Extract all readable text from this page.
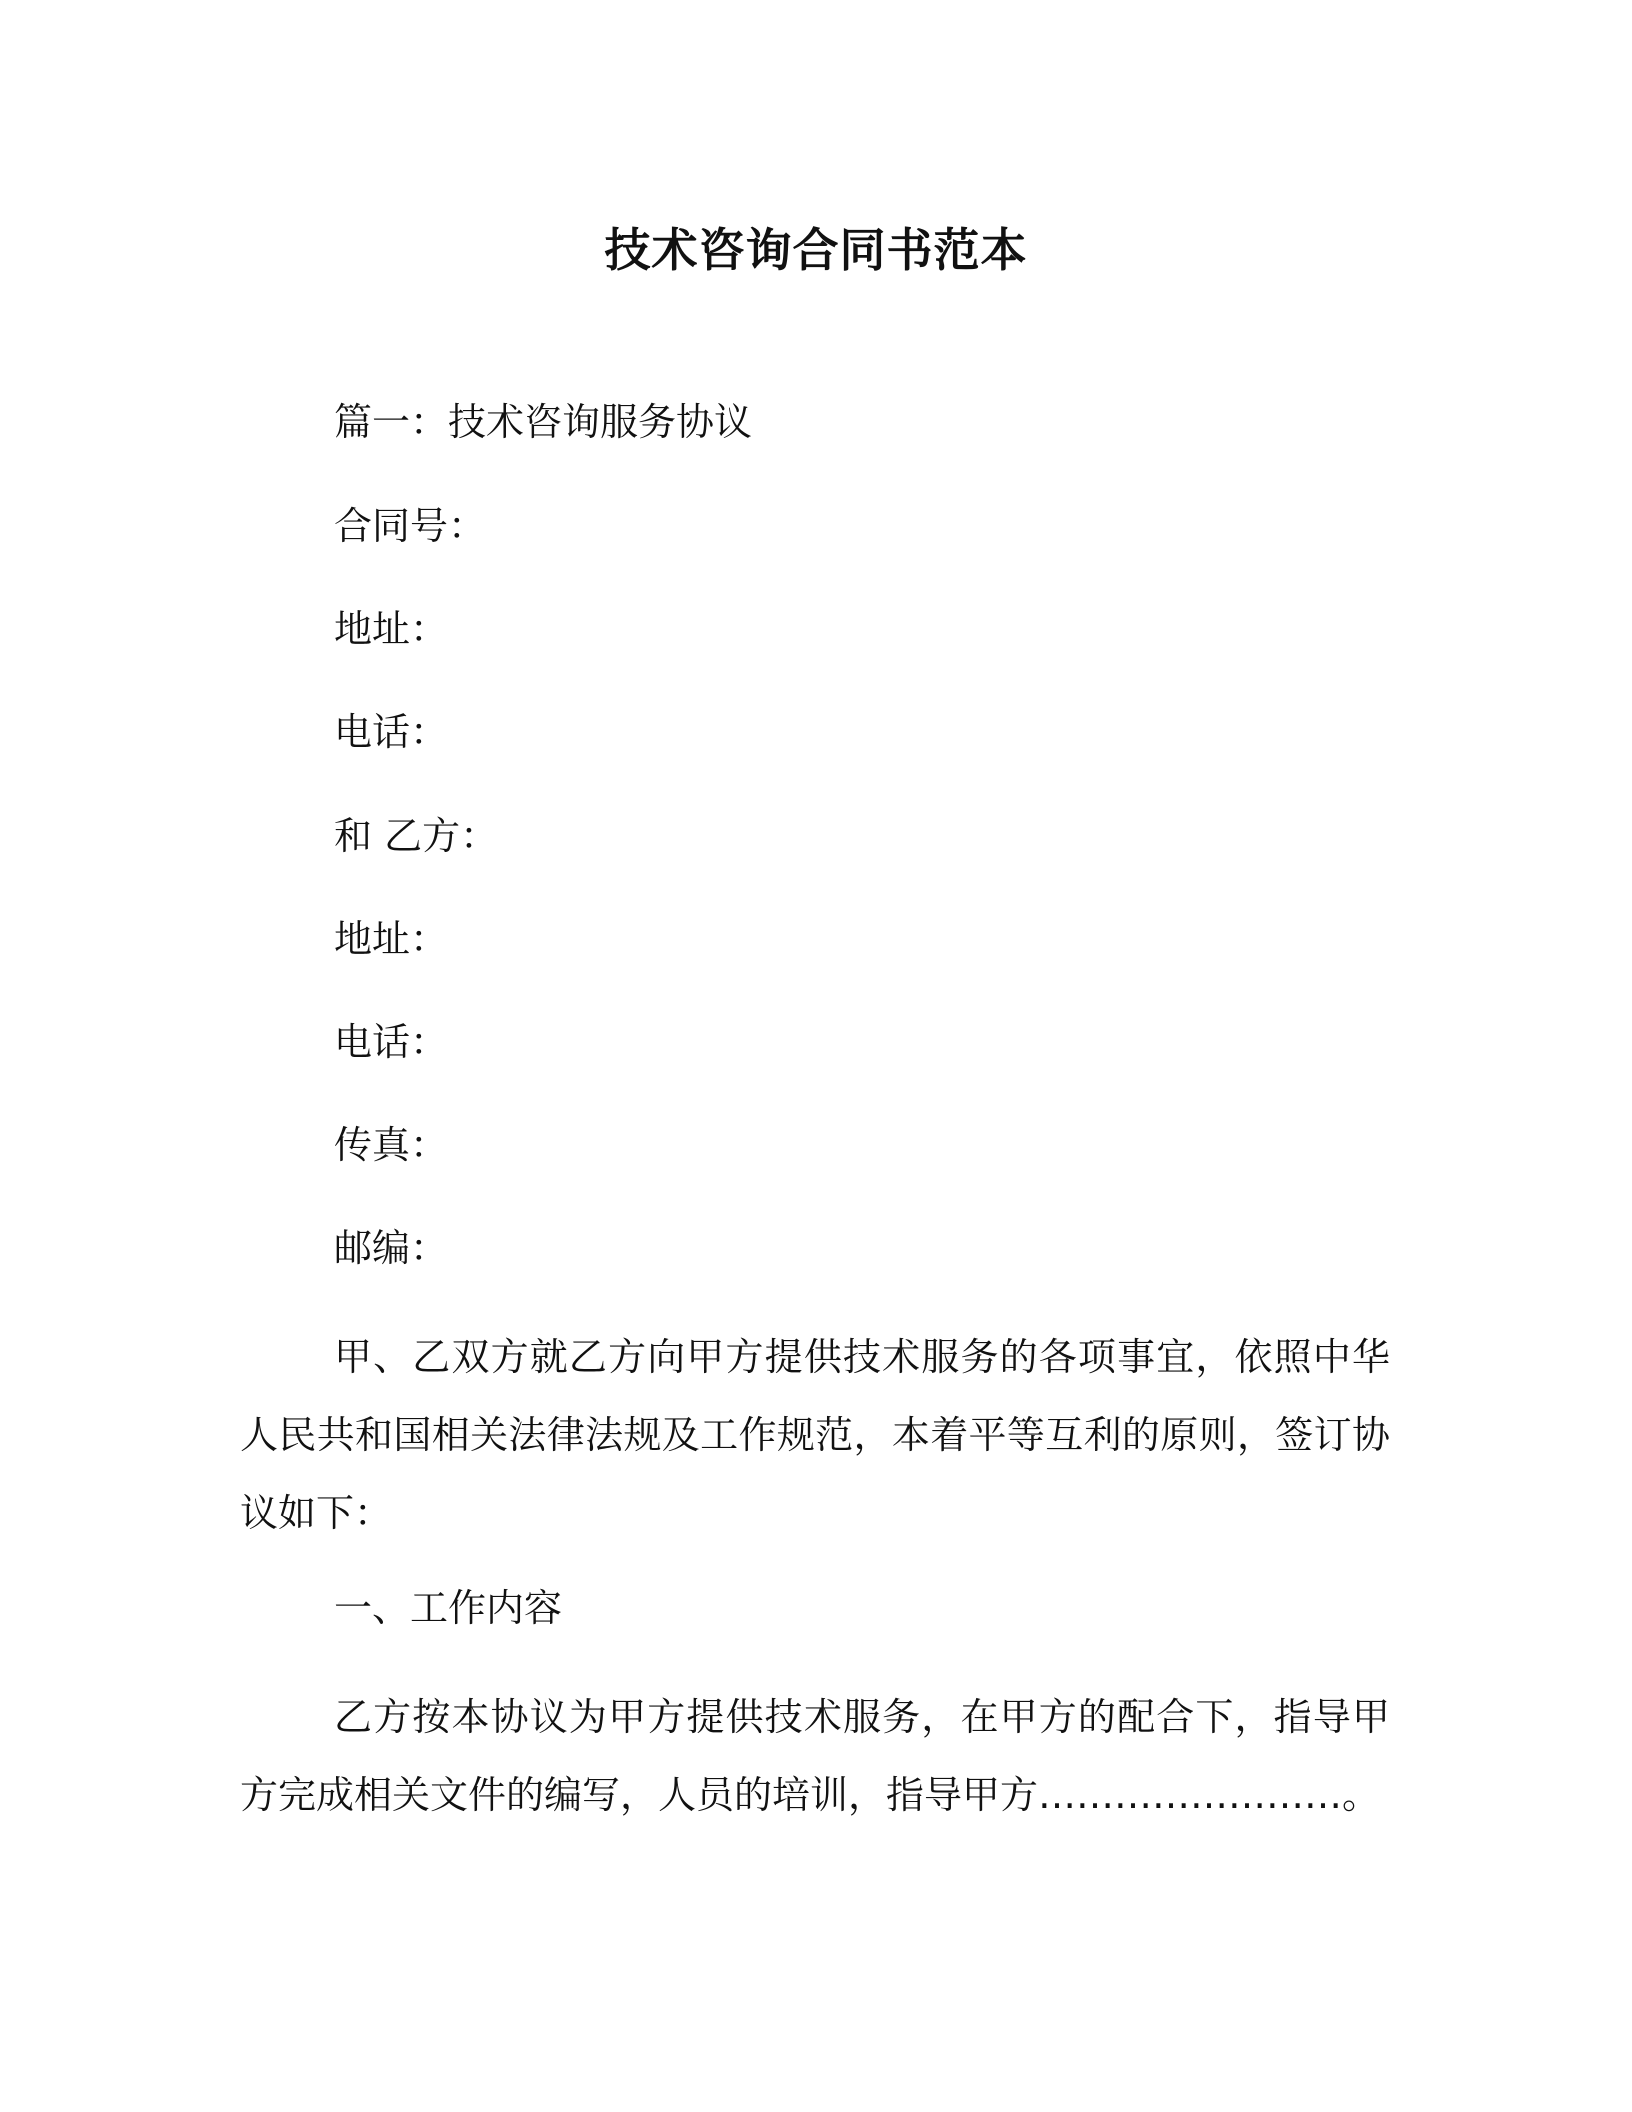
技术咨询合同书范本
篇一：技术咨询服务协议
合同号：
地址：
电话：
和 乙方：
地址：
电话：
传真：
邮编：
甲、乙双方就乙方向甲方提供技术服务的各项事宜，依照中华人民共和国相关法律法规及工作规范，本着平等互利的原则，签订协议如下：
一、工作内容
乙方按本协议为甲方提供技术服务，在甲方的配合下，指导甲方完成相关文件的编写，人员的培训，指导甲方……………………。
